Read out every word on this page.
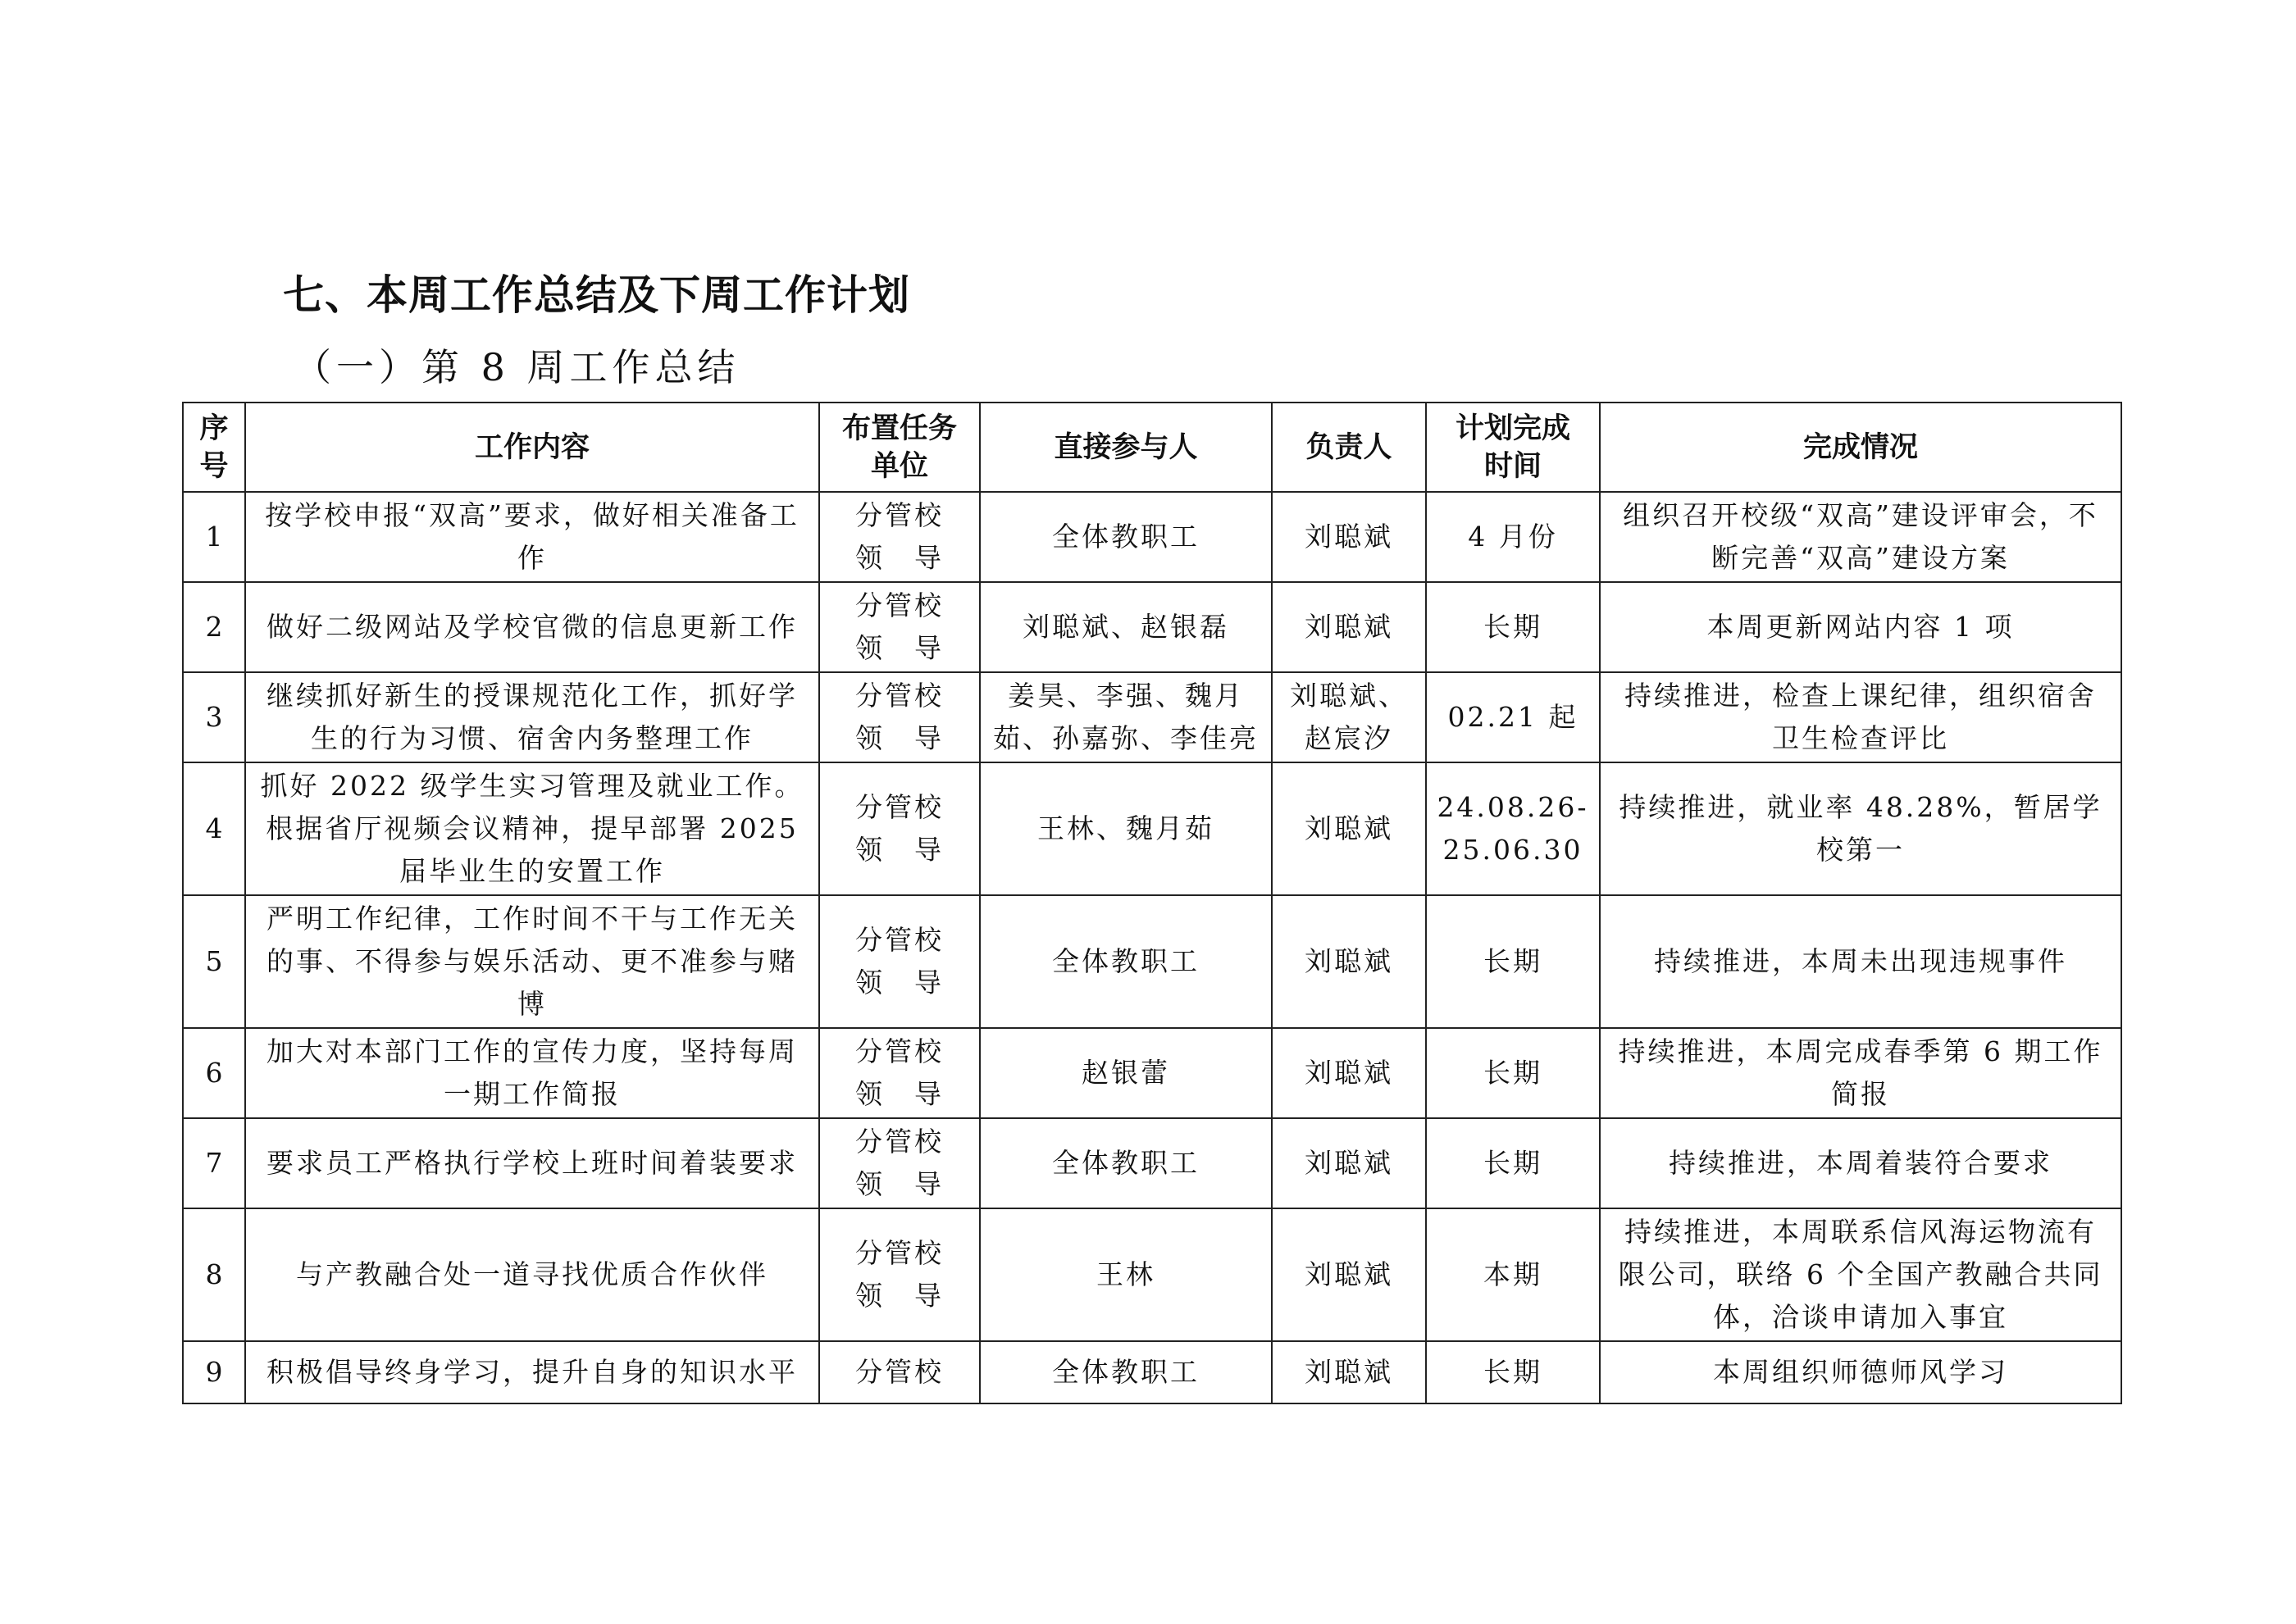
七、本周工作总结及下周工作计划
（一）第 8 周工作总结
序号	工作内容	布置任务单位	直接参与人	负责人	计划完成时间	完成情况
1	按学校申报“双高”要求，做好相关准备工作	分管校
领　导	全体教职工	刘聪斌	4 月份	组织召开校级“双高”建设评审会，不断完善“双高”建设方案
2	做好二级网站及学校官微的信息更新工作	分管校
领　导	刘聪斌、赵银磊	刘聪斌	长期	本周更新网站内容 1 项
3	继续抓好新生的授课规范化工作，抓好学生的行为习惯、宿舍内务整理工作	分管校
领　导	姜昊、李强、魏月茹、孙嘉弥、李佳亮	刘聪斌、赵宸汐	02.21 起	持续推进，检查上课纪律，组织宿舍卫生检查评比
4	抓好 2022 级学生实习管理及就业工作。根据省厅视频会议精神，提早部署 2025 届毕业生的安置工作	分管校
领　导	王林、魏月茹	刘聪斌	24.08.26-25.06.30	持续推进，就业率 48.28%，暂居学校第一
5	严明工作纪律，工作时间不干与工作无关的事、不得参与娱乐活动、更不准参与赌博	分管校
领　导	全体教职工	刘聪斌	长期	持续推进，本周未出现违规事件
6	加大对本部门工作的宣传力度，坚持每周一期工作简报	分管校
领　导	赵银蕾	刘聪斌	长期	持续推进，本周完成春季第 6 期工作简报
7	要求员工严格执行学校上班时间着装要求	分管校
领　导	全体教职工	刘聪斌	长期	持续推进，本周着装符合要求
8	与产教融合处一道寻找优质合作伙伴	分管校
领　导	王林	刘聪斌	本期	持续推进，本周联系信风海运物流有限公司，联络 6 个全国产教融合共同体，洽谈申请加入事宜
9	积极倡导终身学习，提升自身的知识水平	分管校	全体教职工	刘聪斌	长期	本周组织师德师风学习
